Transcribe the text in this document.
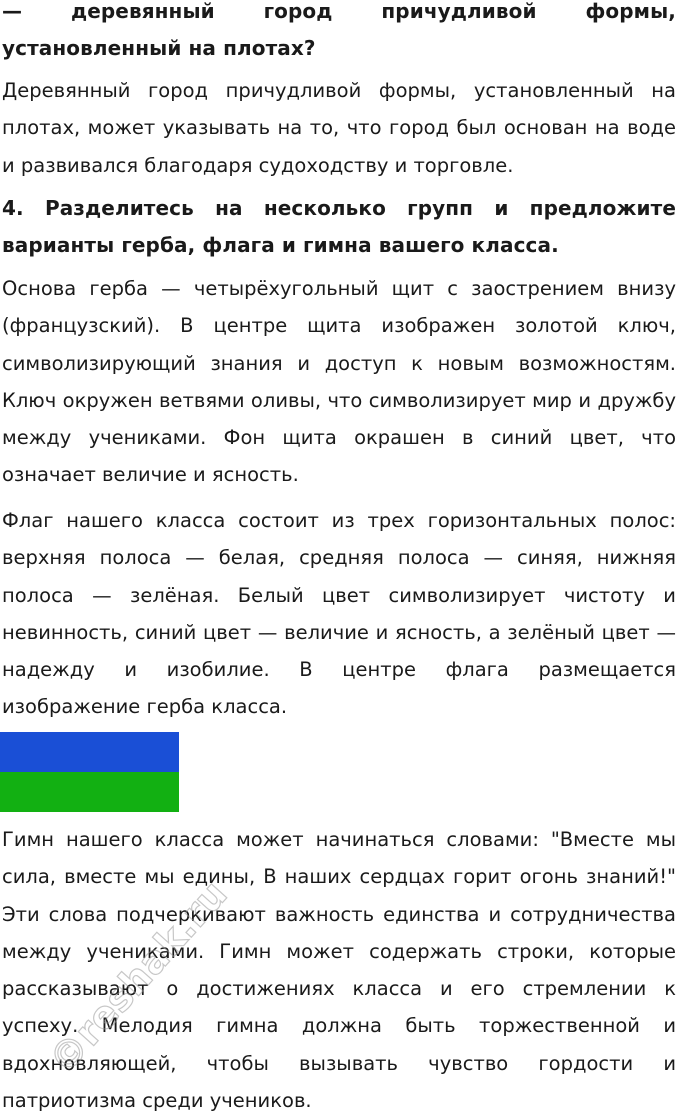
— деревянный город причудливой формы, установленный на плотах?

Деревянный город причудливой формы, установленный на плотах, может указывать на то, что город был основан на воде и развивался благодаря судоходству и торговле.

4. Разделитесь на несколько групп и предложите варианты герба, флага и гимна вашего класса.

Основа герба — четырёхугольный щит с заострением внизу (французский). В центре щита изображен золотой ключ, символизирующий знания и доступ к новым возможностям. Ключ окружен ветвями оливы, что символизирует мир и дружбу между учениками. Фон щита окрашен в синий цвет, что означает величие и ясность.

Флаг нашего класса состоит из трех горизонтальных полос: верхняя полоса — белая, средняя полоса — синяя, нижняя полоса — зелёная. Белый цвет символизирует чистоту и невинность, синий цвет — величие и ясность, а зелёный цвет — надежду и изобилие. В центре флага размещается изображение герба класса.

Гимн нашего класса может начинаться словами: "Вместе мы сила, вместе мы едины, В наших сердцах горит огонь знаний!" Эти слова подчеркивают важность единства и сотрудничества между учениками. Гимн может содержать строки, которые рассказывают о достижениях класса и его стремлении к успеху. Мелодия гимна должна быть торжественной и вдохновляющей, чтобы вызывать чувство гордости и патриотизма среди учеников.

©reshak.ru
